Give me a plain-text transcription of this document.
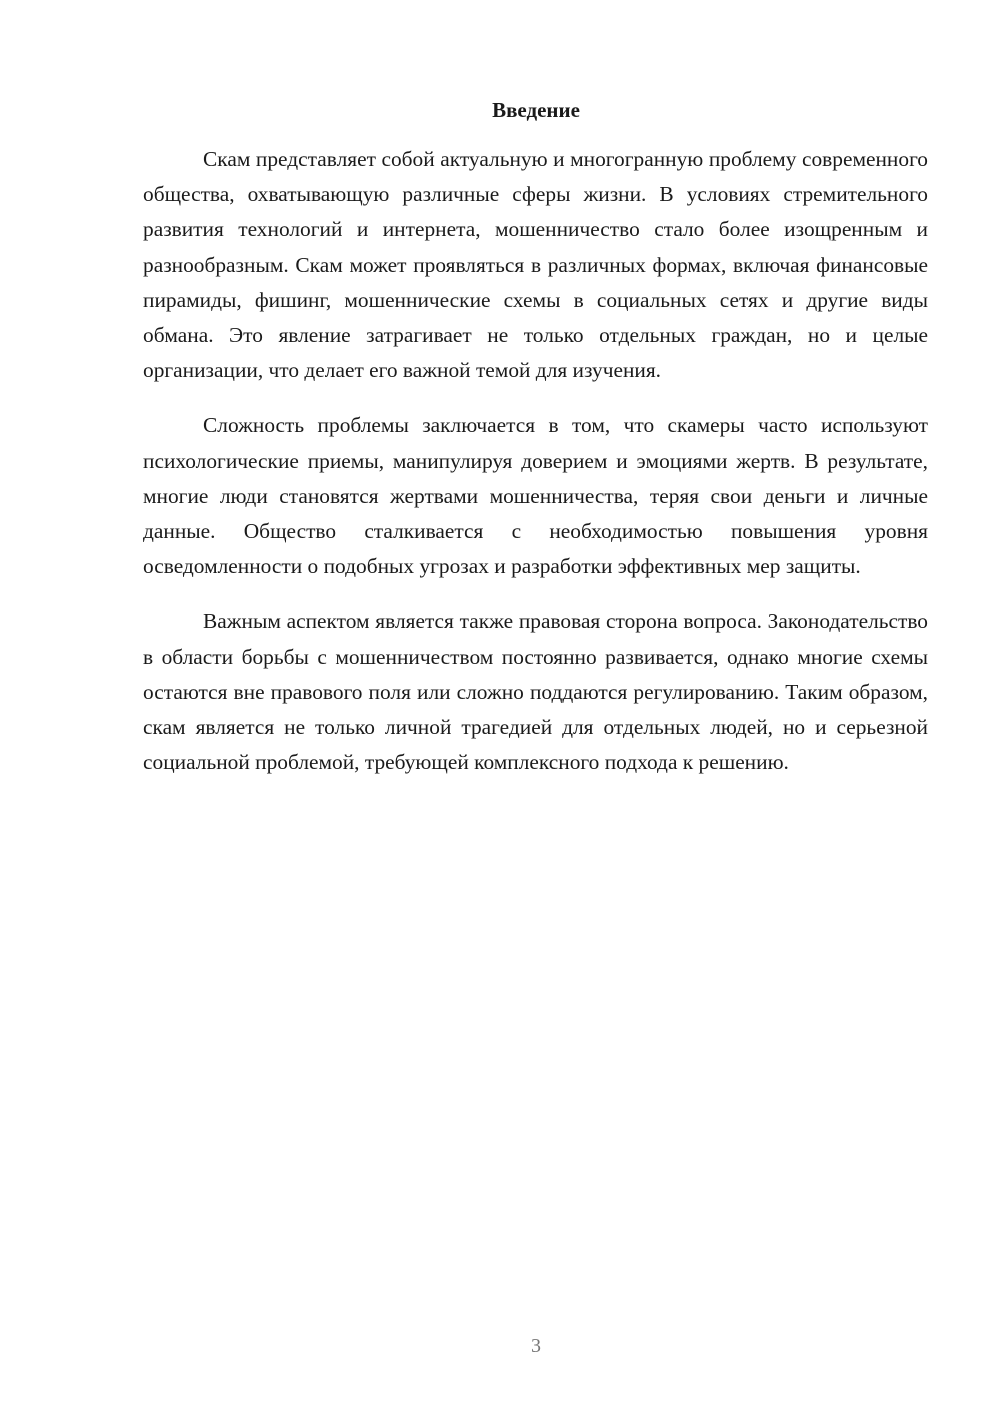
Введение

Скам представляет собой актуальную и многогранную проблему современного общества, охватывающую различные сферы жизни. В условиях стремительного развития технологий и интернета, мошенничество стало более изощренным и разнообразным. Скам может проявляться в различных формах, включая финансовые пирамиды, фишинг, мошеннические схемы в социальных сетях и другие виды обмана. Это явление затрагивает не только отдельных граждан, но и целые организации, что делает его важной темой для изучения.

Сложность проблемы заключается в том, что скамеры часто используют психологические приемы, манипулируя доверием и эмоциями жертв. В результате, многие люди становятся жертвами мошенничества, теряя свои деньги и личные данные. Общество сталкивается с необходимостью повышения уровня осведомленности о подобных угрозах и разработки эффективных мер защиты.

Важным аспектом является также правовая сторона вопроса. Законодательство в области борьбы с мошенничеством постоянно развивается, однако многие схемы остаются вне правового поля или сложно поддаются регулированию. Таким образом, скам является не только личной трагедией для отдельных людей, но и серьезной социальной проблемой, требующей комплексного подхода к решению.

3
